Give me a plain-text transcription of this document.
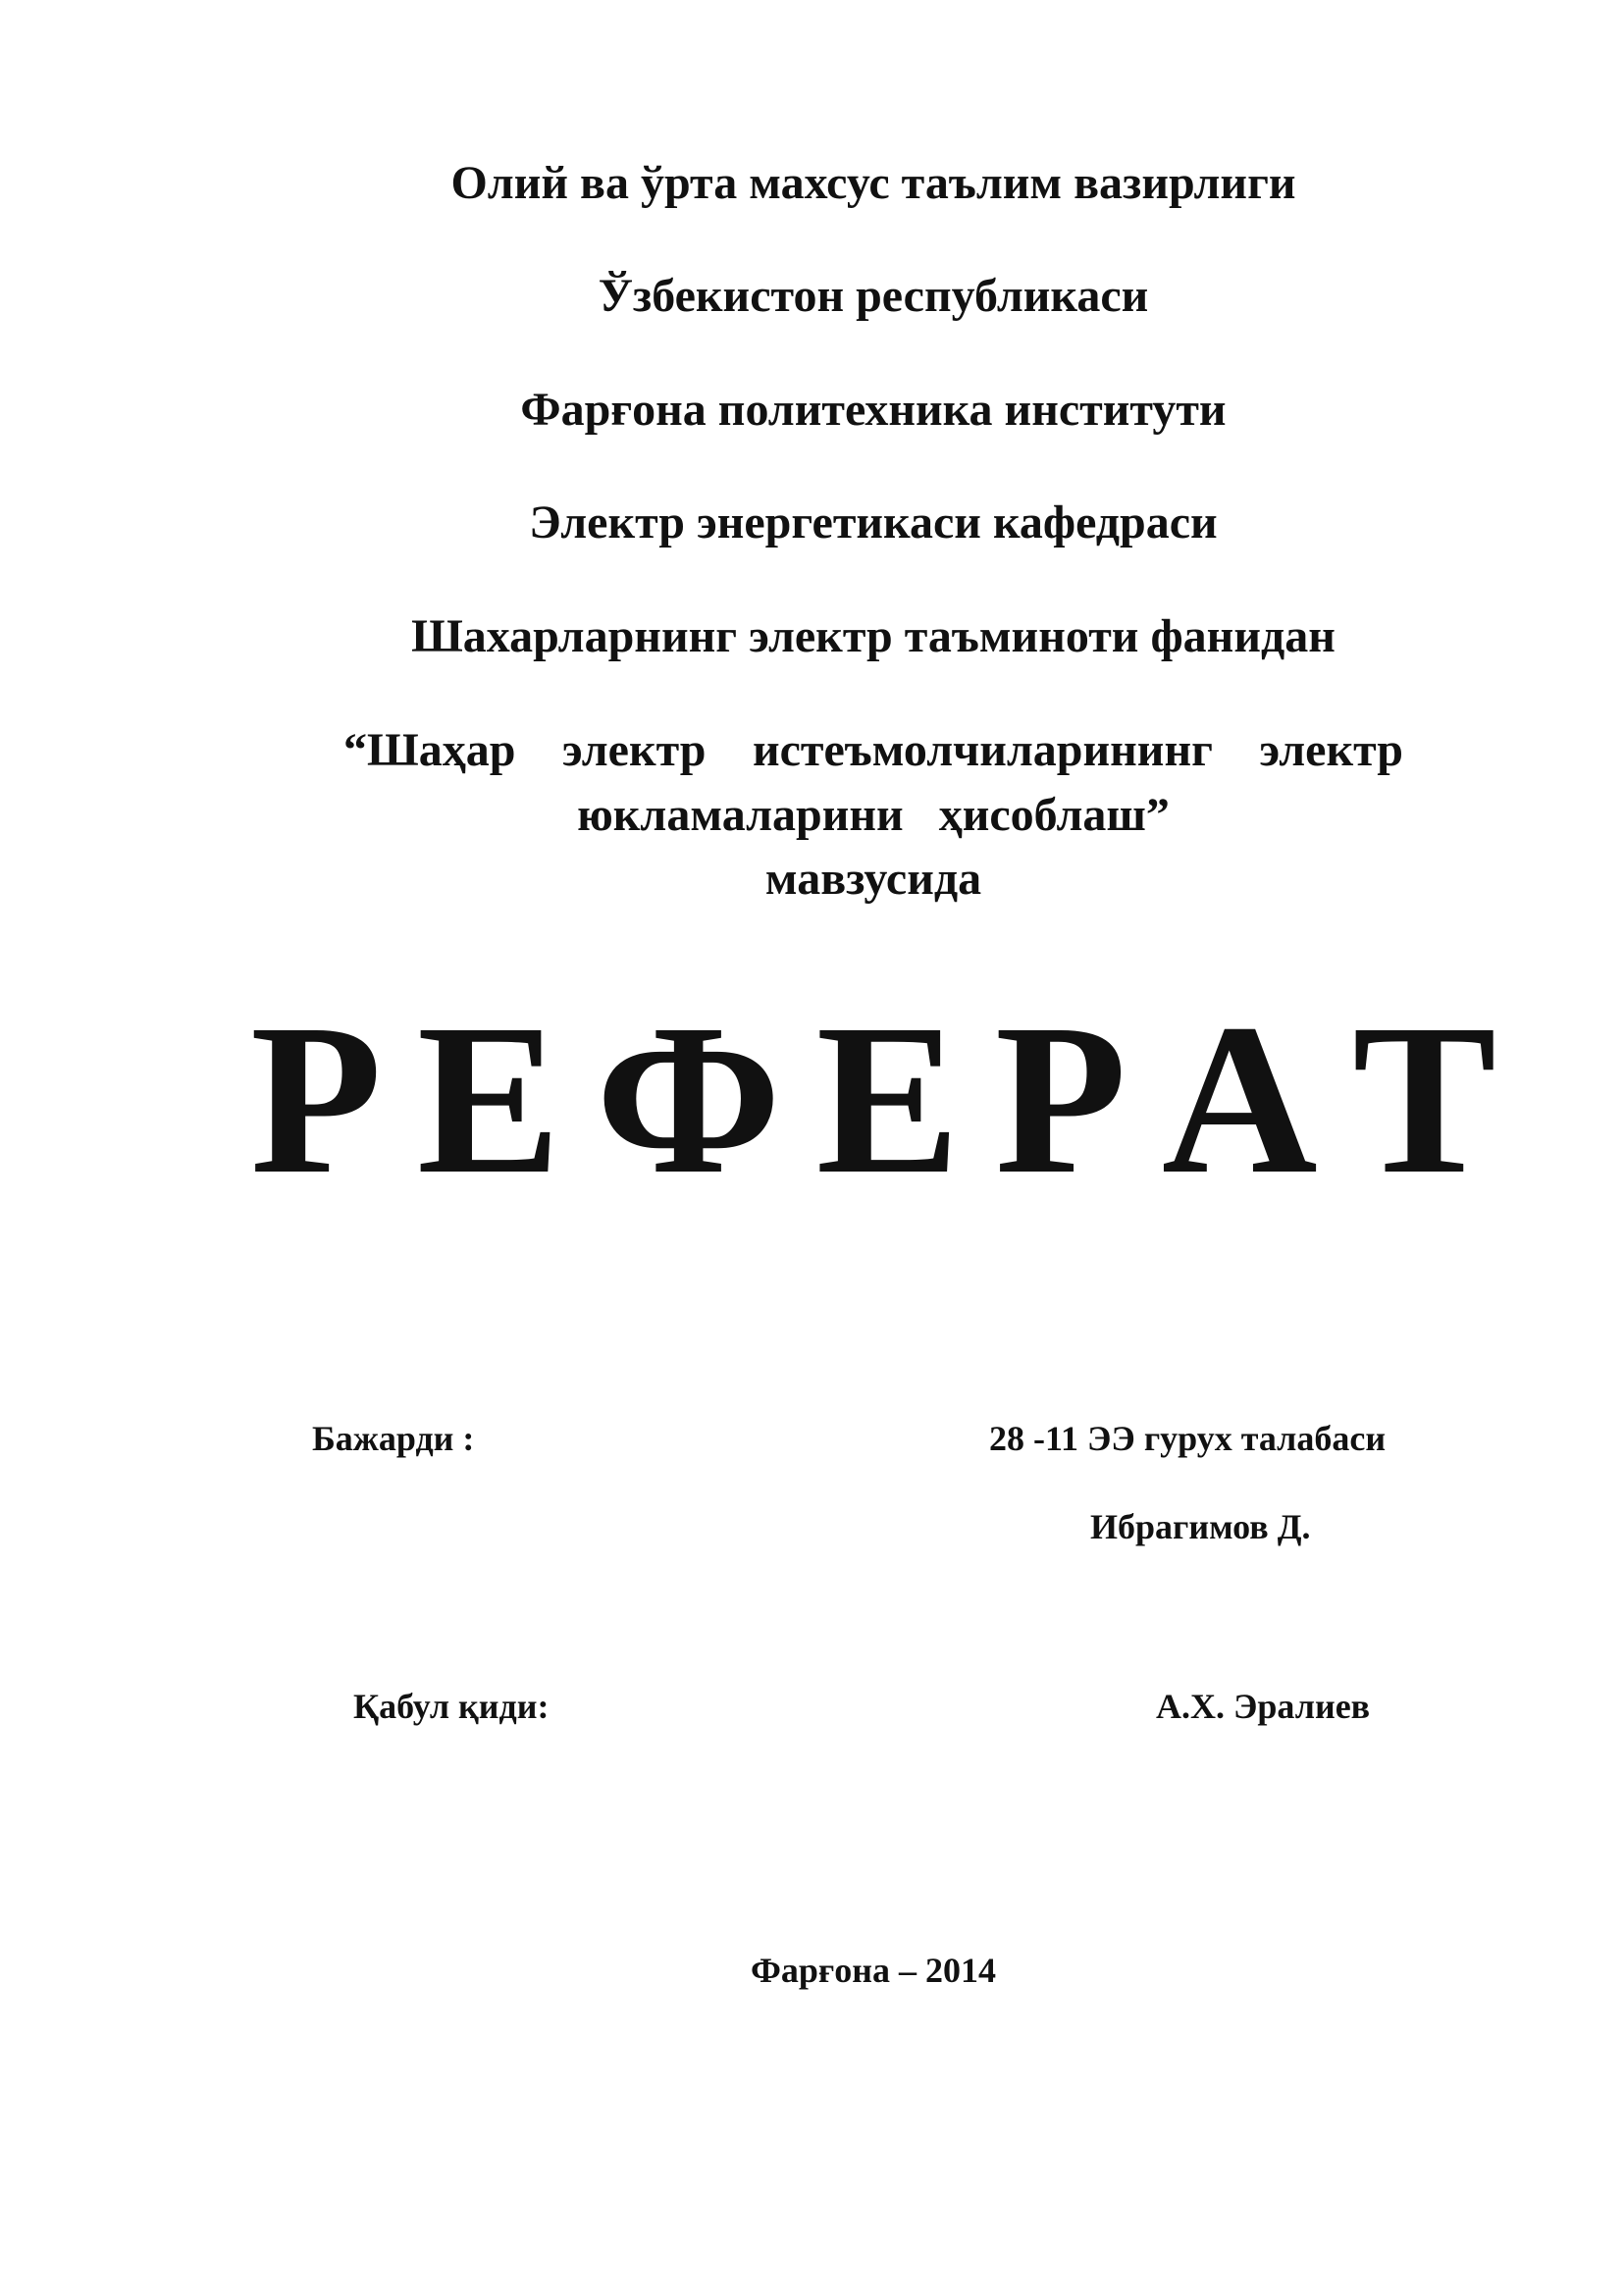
Олий ва ўрта махсус таълим вазирлиги
Ўзбекистон республикаси
Фарғона политехника институти
Электр энергетикаси кафедраси
Шахарларнинг электр таъминоти фанидан
“Шаҳар электр истеъмолчиларининг электр
юкламаларини   ҳисоблаш”
мавзусида
Р Е Ф Е Р А Т
Бажарди :	28 -11 ЭЭ гурух талабаси
Ибрагимов Д.
Қабул қиди:	А.Х. Эралиев
Фарғона – 2014
